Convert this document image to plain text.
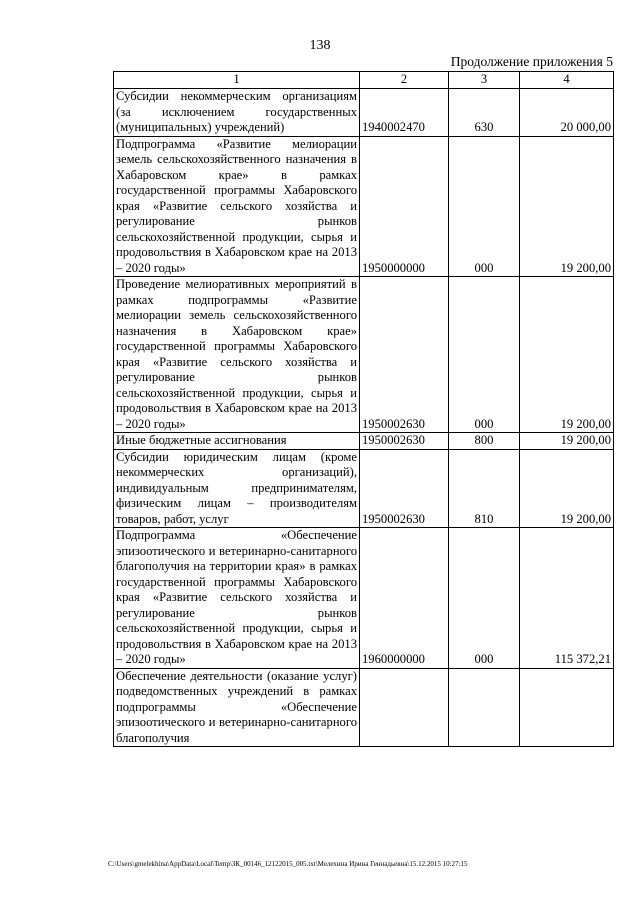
138
Продолжение приложения 5
1	2	3	4
Субсидии некоммерческим организациям (за исключением государственных (муниципальных) учреждений)	1940002470	630	20 000,00
Подпрограмма «Развитие мелиорации земель сельскохозяйственного назначения в Хабаровском крае» в рамках государственной программы Хабаровского края «Развитие сельского хозяйства и регулирование рынков сельскохозяйственной продукции, сырья и продовольствия в Хабаровском крае на 2013 – 2020 годы»	1950000000	000	19 200,00
Проведение мелиоративных мероприятий в рамках подпрограммы «Развитие мелиорации земель сельскохозяйственного назначения в Хабаровском крае» государственной программы Хабаровского края «Развитие сельского хозяйства и регулирование рынков сельскохозяйственной продукции, сырья и продовольствия в Хабаровском крае на 2013 – 2020 годы»	1950002630	000	19 200,00
Иные бюджетные ассигнования	1950002630	800	19 200,00
Субсидии юридическим лицам (кроме некоммерческих организаций), индивидуальным предпринимателям, физическим лицам – производителям товаров, работ, услуг	1950002630	810	19 200,00
Подпрограмма «Обеспечение эпизоотического и ветеринарно-санитарного благополучия на территории края» в рамках государственной программы Хабаровского края «Развитие сельского хозяйства и регулирование рынков сельскохозяйственной продукции, сырья и продовольствия в Хабаровском крае на 2013 – 2020 годы»	1960000000	000	115 372,21
Обеспечение деятельности (оказание услуг) подведомственных учреждений в рамках подпрограммы «Обеспечение эпизоотического и ветеринарно-санитарного благополучия			
C:\Users\gmelekhina\AppData\Local\Temp\ЗК_00146_12122015_005.txt\Мелехина Ирина Геннадьевна\15.12.2015 10:27:15
